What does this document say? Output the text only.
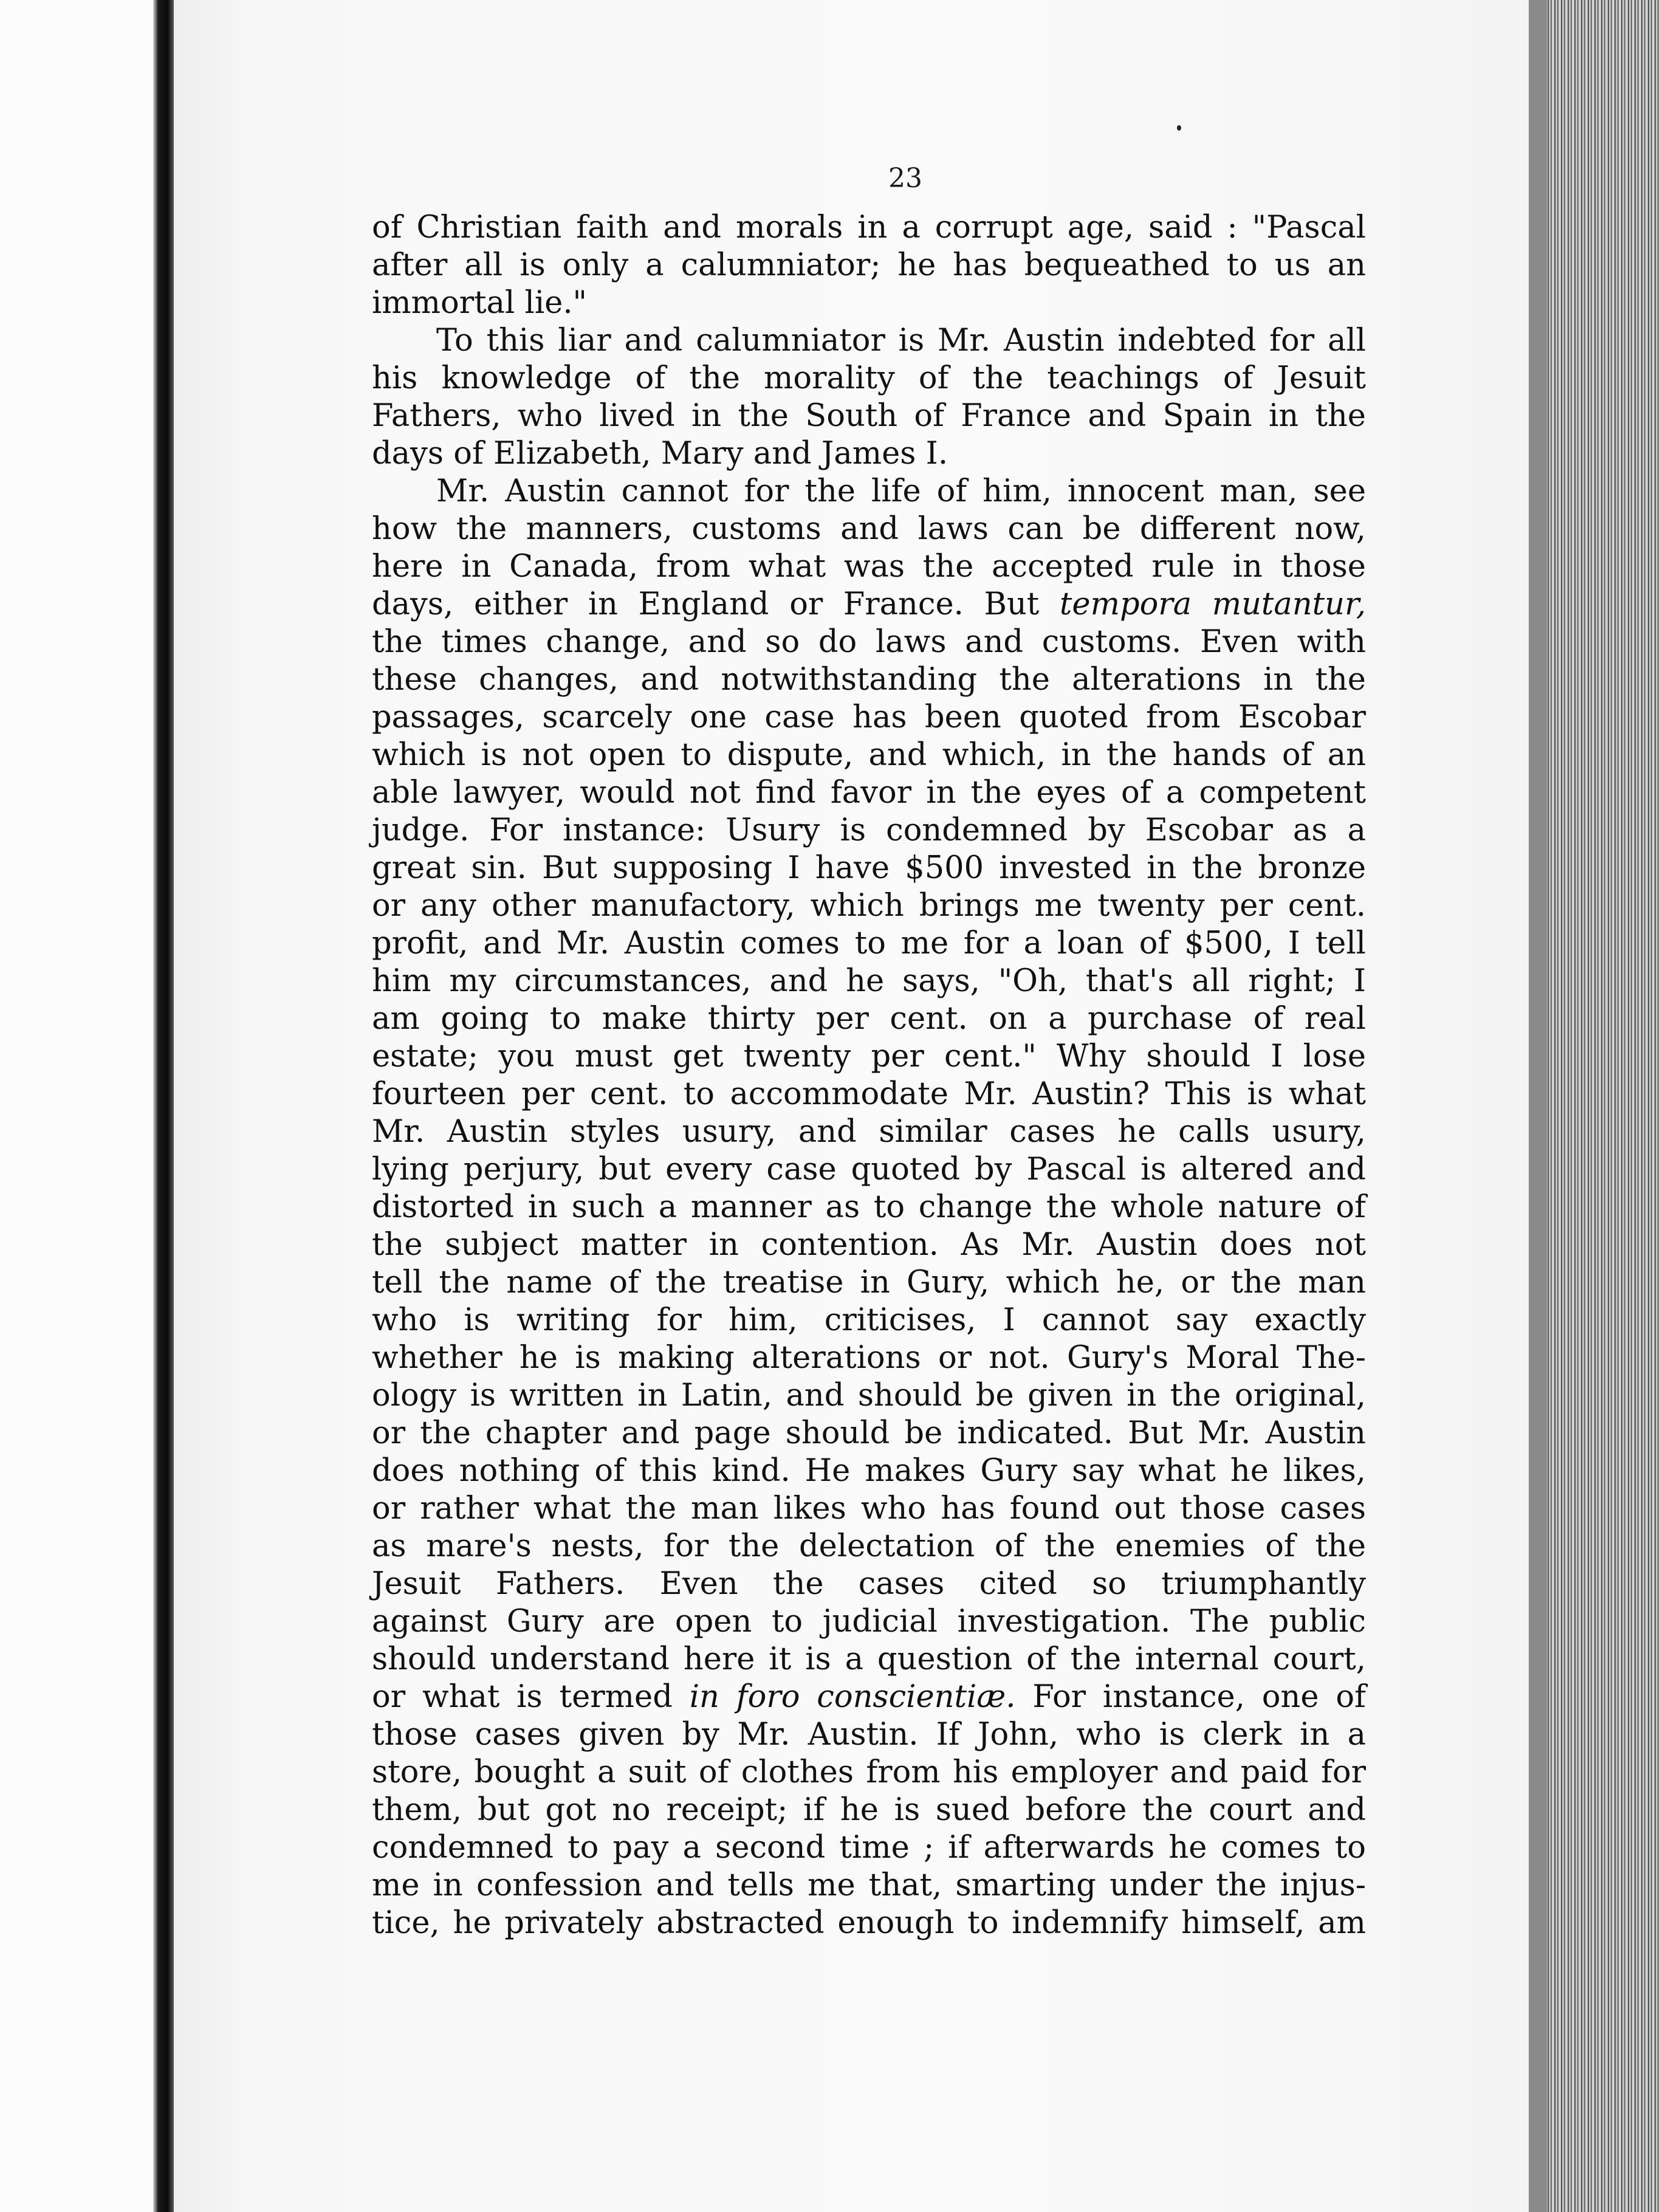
23
of Christian faith and morals in a corrupt age, said : "Pascal
after all is only a calumniator; he has bequeathed to us an
immortal lie."
To this liar and calumniator is Mr. Austin indebted for all
his knowledge of the morality of the teachings of Jesuit
Fathers, who lived in the South of France and Spain in the
days of Elizabeth, Mary and James I.
Mr. Austin cannot for the life of him, innocent man, see
how the manners, customs and laws can be different now,
here in Canada, from what was the accepted rule in those
days, either in England or France. But tempora mutantur,
the times change, and so do laws and customs. Even with
these changes, and notwithstanding the alterations in the
passages, scarcely one case has been quoted from Escobar
which is not open to dispute, and which, in the hands of an
able lawyer, would not find favor in the eyes of a competent
judge. For instance: Usury is condemned by Escobar as a
great sin. But supposing I have $500 invested in the bronze
or any other manufactory, which brings me twenty per cent.
profit, and Mr. Austin comes to me for a loan of $500, I tell
him my circumstances, and he says, "Oh, that's all right; I
am going to make thirty per cent. on a purchase of real
estate; you must get twenty per cent." Why should I lose
fourteen per cent. to accommodate Mr. Austin? This is what
Mr. Austin styles usury, and similar cases he calls usury,
lying perjury, but every case quoted by Pascal is altered and
distorted in such a manner as to change the whole nature of
the subject matter in contention. As Mr. Austin does not
tell the name of the treatise in Gury, which he, or the man
who is writing for him, criticises, I cannot say exactly
whether he is making alterations or not. Gury's Moral The-
ology is written in Latin, and should be given in the original,
or the chapter and page should be indicated. But Mr. Austin
does nothing of this kind. He makes Gury say what he likes,
or rather what the man likes who has found out those cases
as mare's nests, for the delectation of the enemies of the
Jesuit Fathers. Even the cases cited so triumphantly
against Gury are open to judicial investigation. The public
should understand here it is a question of the internal court,
or what is termed in foro conscientiæ. For instance, one of
those cases given by Mr. Austin. If John, who is clerk in a
store, bought a suit of clothes from his employer and paid for
them, but got no receipt; if he is sued before the court and
condemned to pay a second time ; if afterwards he comes to
me in confession and tells me that, smarting under the injus-
tice, he privately abstracted enough to indemnify himself, am
